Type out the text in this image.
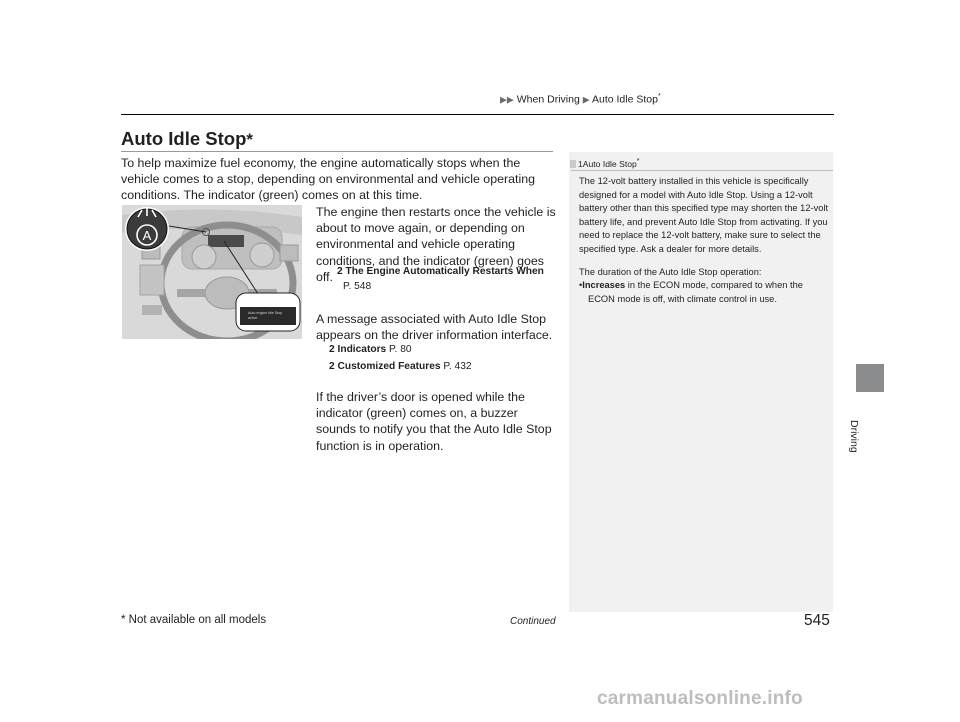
▶▶ When Driving ▶ Auto Idle Stop*
Driving
Auto Idle Stop*
To help maximize fuel economy, the engine automatically stops when the vehicle comes to a stop, depending on environmental and vehicle operating conditions. The indicator (green) comes on at this time.
A
Auto engine idle Stop
active
The engine then restarts once the vehicle is about to move again, or depending on environmental and vehicle operating conditions, and the indicator (green) goes off. 2 The Engine Automatically Restarts When
P. 548
A message associated with Auto Idle Stop appears on the driver information interface.
2 Indicators P. 80
2 Customized Features P. 432
If the driver’s door is opened while the indicator (green) comes on, a buzzer sounds to notify you that the Auto Idle Stop function is in operation.
1Auto Idle Stop*
The 12-volt battery installed in this vehicle is specifically designed for a model with Auto Idle Stop. Using a 12-volt battery other than this specified type may shorten the 12-volt battery life, and prevent Auto Idle Stop from activating. If you need to replace the 12-volt battery, make sure to select the specified type. Ask a dealer for more details.
The duration of the Auto Idle Stop operation:
•Increases in the ECON mode, compared to when the ECON mode is off, with climate control in use.
* Not available on all models	Continued	545
carmanualsonline.info
